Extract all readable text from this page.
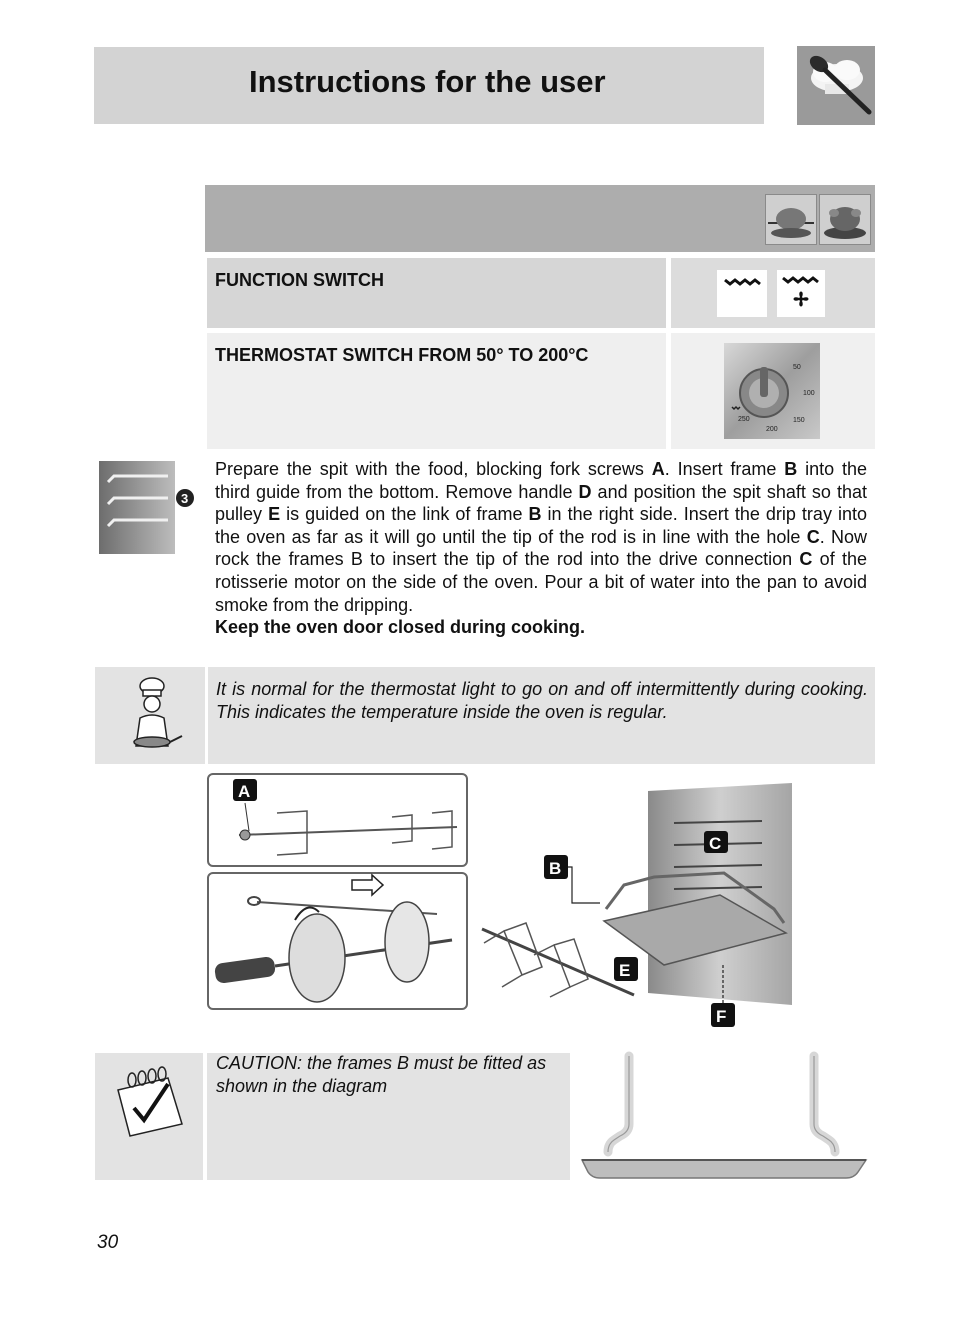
Instructions for the user
FUNCTION SWITCH
THERMOSTAT SWITCH FROM 50° TO 200°C
50
100
150
200
250
3
Prepare the spit with the food, blocking fork screws A. Insert frame B into the third guide from the bottom. Remove handle D and position the spit shaft so that pulley E is guided on the link of frame B in the right side. Insert the drip tray into the oven as far as it will go until the tip of the rod is in line with the hole C. Now rock the frames B to insert the tip of the rod into the drive connection C of the rotisserie motor on the side of the oven. Pour a bit of water into the pan to avoid smoke from the dripping.
Keep the oven door closed during cooking.
It is normal for the thermostat light to go on and off intermittently during cooking. This indicates the temperature inside the oven is regular.
A
C
B
E
F
CAUTION: the frames B must be fitted as shown in the diagram
30
